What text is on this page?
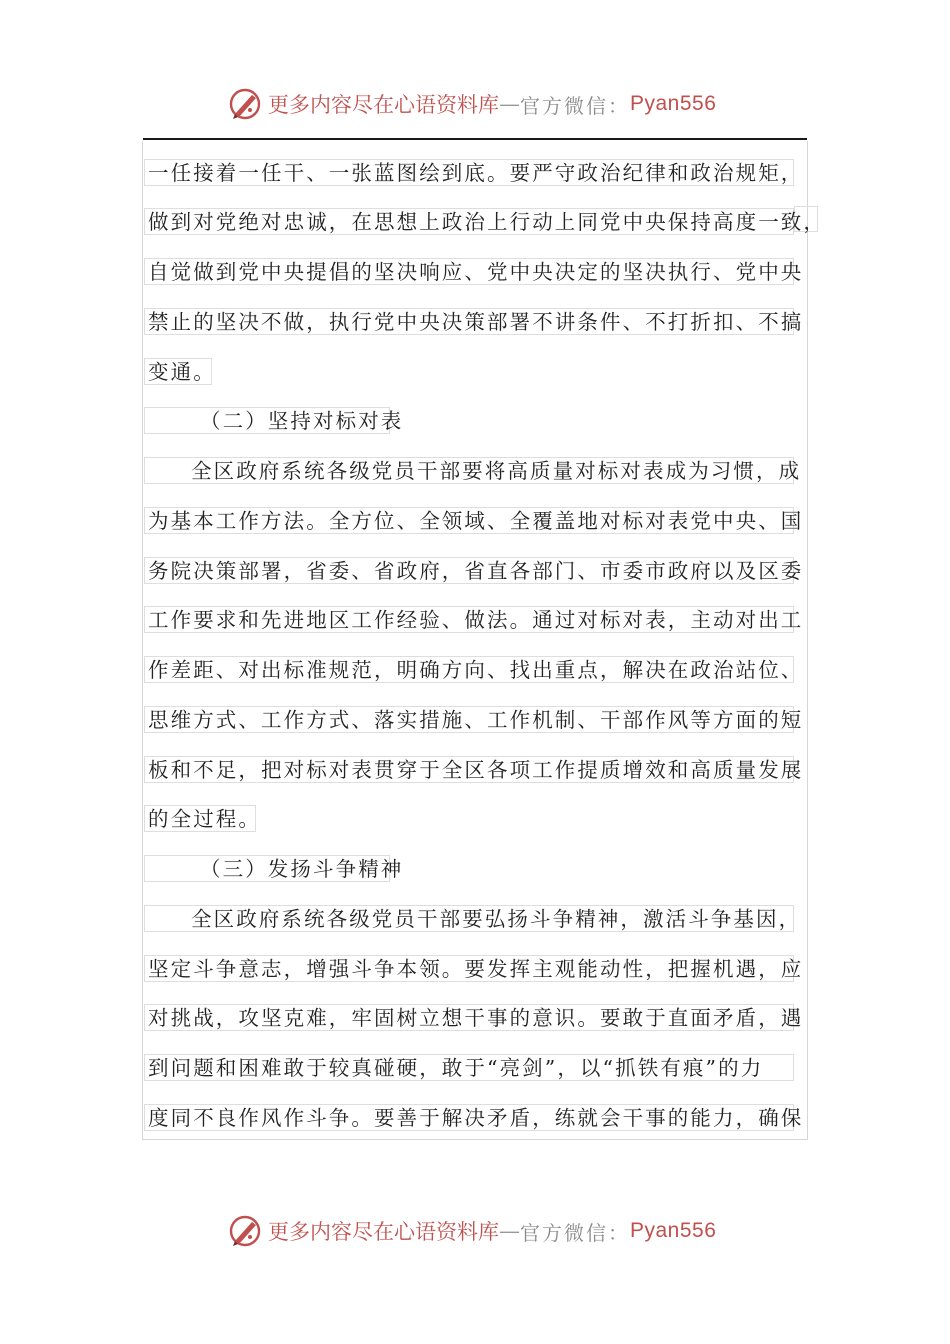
更多内容尽在心语资料库 — 官方微信： Pyan556
一任接着一任干、一张蓝图绘到底。要严守政治纪律和政治规矩，
做到对党绝对忠诚，在思想上政治上行动上同党中央保持高度一致，
自觉做到党中央提倡的坚决响应、党中央决定的坚决执行、党中央
禁止的坚决不做，执行党中央决策部署不讲条件、不打折扣、不搞
变通。
（二）坚持对标对表
全区政府系统各级党员干部要将高质量对标对表成为习惯，成
为基本工作方法。全方位、全领域、全覆盖地对标对表党中央、国
务院决策部署，省委、省政府，省直各部门、市委市政府以及区委
工作要求和先进地区工作经验、做法。通过对标对表，主动对出工
作差距、对出标准规范，明确方向、找出重点，解决在政治站位、
思维方式、工作方式、落实措施、工作机制、干部作风等方面的短
板和不足，把对标对表贯穿于全区各项工作提质增效和高质量发展
的全过程。
（三）发扬斗争精神
全区政府系统各级党员干部要弘扬斗争精神，激活斗争基因，
坚定斗争意志，增强斗争本领。要发挥主观能动性，把握机遇，应
对挑战，攻坚克难，牢固树立想干事的意识。要敢于直面矛盾，遇
到问题和困难敢于较真碰硬，敢于“亮剑”，以“抓铁有痕”的力
度同不良作风作斗争。要善于解决矛盾，练就会干事的能力，确保
更多内容尽在心语资料库 — 官方微信： Pyan556
